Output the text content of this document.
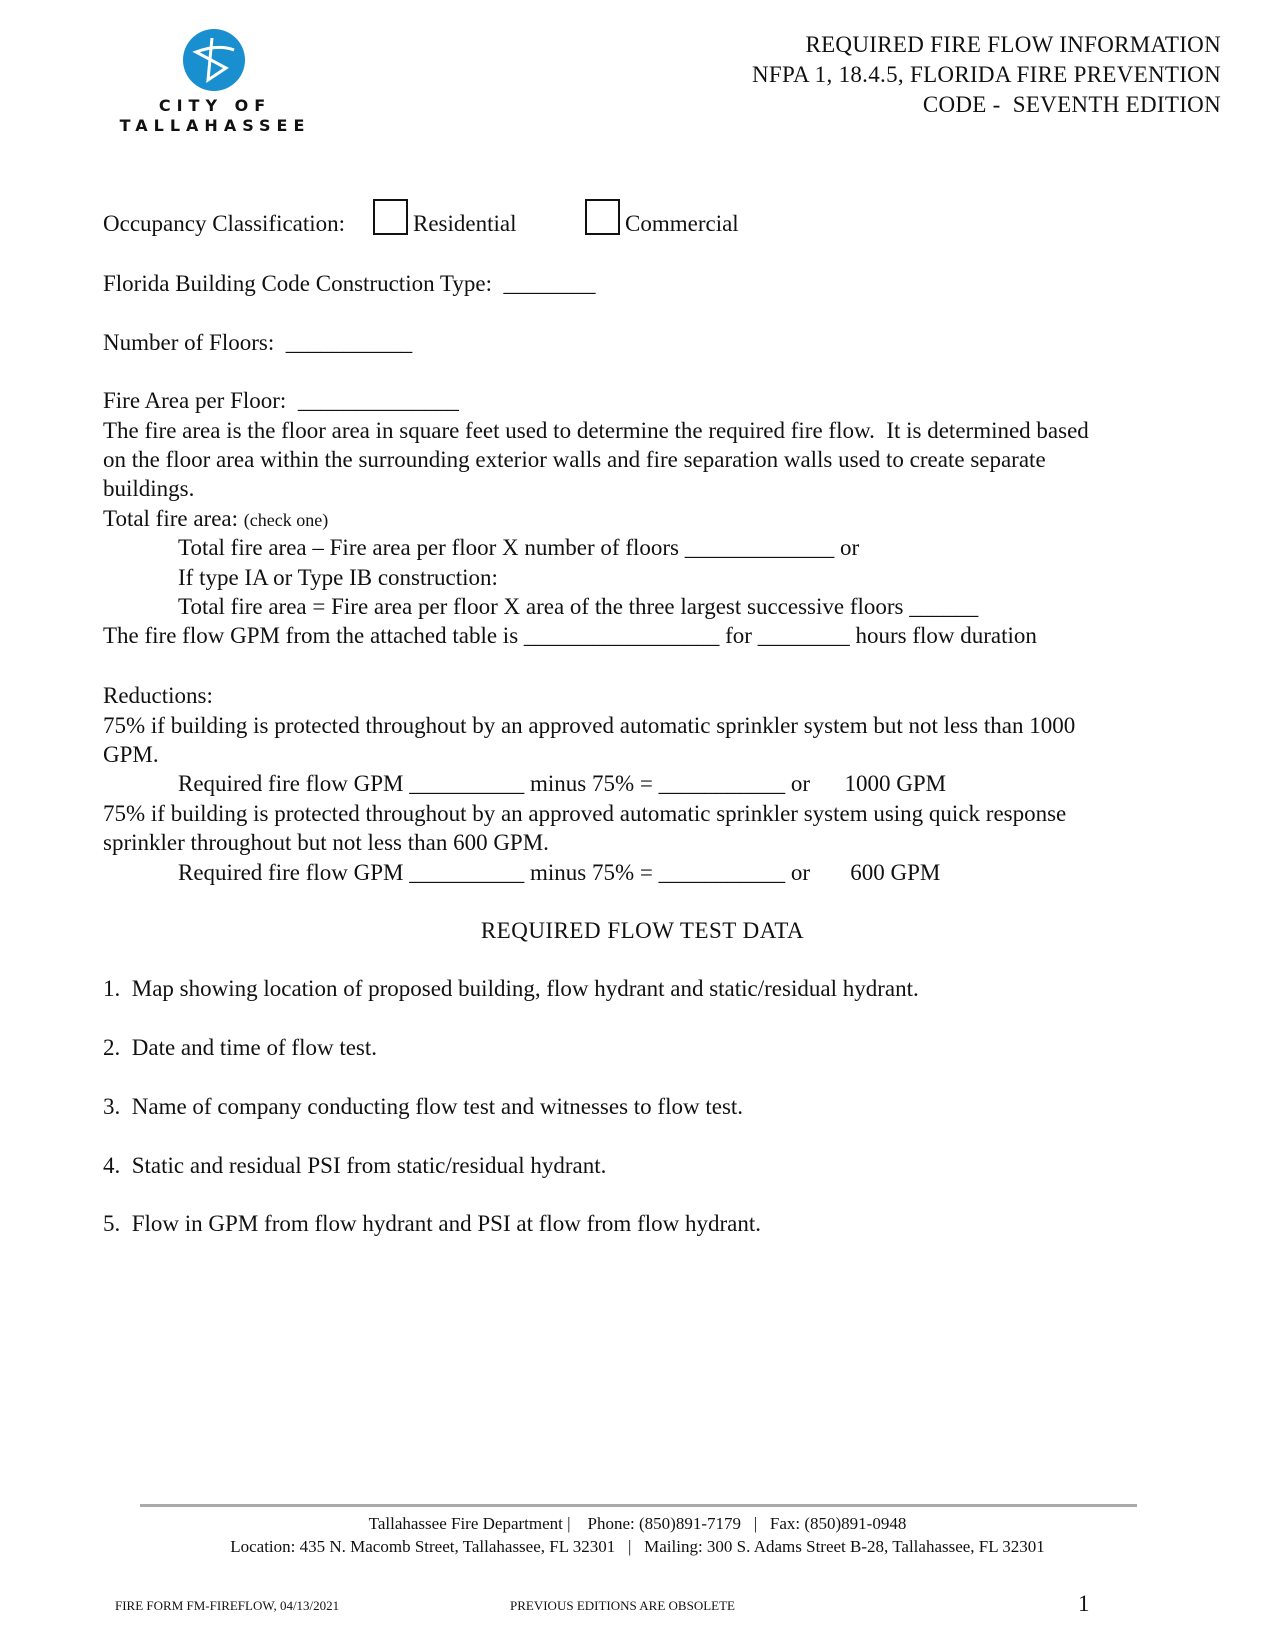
CITY OF
TALLAHASSEE
REQUIRED FIRE FLOW INFORMATION
NFPA 1, 18.4.5, FLORIDA FIRE PREVENTION
CODE -  SEVENTH EDITION
Occupancy Classification:	Residential	Commercial
Florida Building Code Construction Type:  ________
Number of Floors:  ___________
Fire Area per Floor:  ______________
The fire area is the floor area in square feet used to determine the required fire flow.  It is determined based
on the floor area within the surrounding exterior walls and fire separation walls used to create separate
buildings.
Total fire area: (check one)
Total fire area – Fire area per floor X number of floors _____________ or
If type IA or Type IB construction:
Total fire area = Fire area per floor X area of the three largest successive floors ______
The fire flow GPM from the attached table is _________________ for ________ hours flow duration
Reductions:
75% if building is protected throughout by an approved automatic sprinkler system but not less than 1000
GPM.
Required fire flow GPM __________ minus 75% = ___________ or      1000 GPM
75% if building is protected throughout by an approved automatic sprinkler system using quick response
sprinkler throughout but not less than 600 GPM.
Required fire flow GPM __________ minus 75% = ___________ or       600 GPM
REQUIRED FLOW TEST DATA
1.  Map showing location of proposed building, flow hydrant and static/residual hydrant.
2.  Date and time of flow test.
3.  Name of company conducting flow test and witnesses to flow test.
4.  Static and residual PSI from static/residual hydrant.
5.  Flow in GPM from flow hydrant and PSI at flow from flow hydrant.
Tallahassee Fire Department |    Phone: (850)891-7179   |   Fax: (850)891-0948
Location: 435 N. Macomb Street, Tallahassee, FL 32301   |   Mailing: 300 S. Adams Street B-28, Tallahassee, FL 32301
FIRE FORM FM-FIREFLOW, 04/13/2021	PREVIOUS EDITIONS ARE OBSOLETE	1
